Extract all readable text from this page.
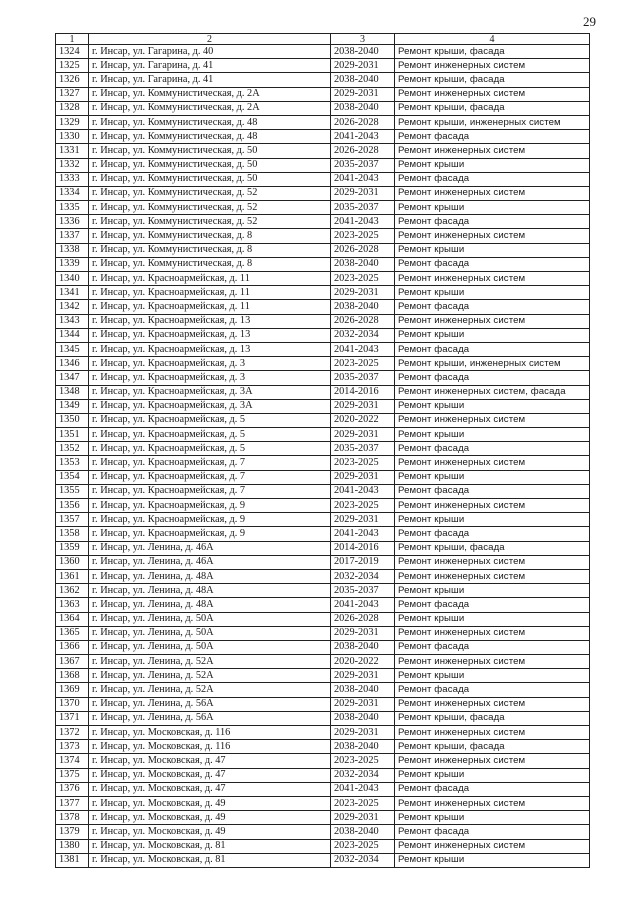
29
1	2	3	4
1324	г. Инсар, ул. Гагарина, д. 40	2038-2040	Ремонт крыши, фасада
1325	г. Инсар, ул. Гагарина, д. 41	2029-2031	Ремонт инженерных систем
1326	г. Инсар, ул. Гагарина, д. 41	2038-2040	Ремонт крыши, фасада
1327	г. Инсар, ул. Коммунистическая, д. 2А	2029-2031	Ремонт инженерных систем
1328	г. Инсар, ул. Коммунистическая, д. 2А	2038-2040	Ремонт крыши, фасада
1329	г. Инсар, ул. Коммунистическая, д. 48	2026-2028	Ремонт крыши, инженерных систем
1330	г. Инсар, ул. Коммунистическая, д. 48	2041-2043	Ремонт фасада
1331	г. Инсар, ул. Коммунистическая, д. 50	2026-2028	Ремонт инженерных систем
1332	г. Инсар, ул. Коммунистическая, д. 50	2035-2037	Ремонт крыши
1333	г. Инсар, ул. Коммунистическая, д. 50	2041-2043	Ремонт фасада
1334	г. Инсар, ул. Коммунистическая, д. 52	2029-2031	Ремонт инженерных систем
1335	г. Инсар, ул. Коммунистическая, д. 52	2035-2037	Ремонт крыши
1336	г. Инсар, ул. Коммунистическая, д. 52	2041-2043	Ремонт фасада
1337	г. Инсар, ул. Коммунистическая, д. 8	2023-2025	Ремонт инженерных систем
1338	г. Инсар, ул. Коммунистическая, д. 8	2026-2028	Ремонт крыши
1339	г. Инсар, ул. Коммунистическая, д. 8	2038-2040	Ремонт фасада
1340	г. Инсар, ул. Красноармейская, д. 11	2023-2025	Ремонт инженерных систем
1341	г. Инсар, ул. Красноармейская, д. 11	2029-2031	Ремонт крыши
1342	г. Инсар, ул. Красноармейская, д. 11	2038-2040	Ремонт фасада
1343	г. Инсар, ул. Красноармейская, д. 13	2026-2028	Ремонт инженерных систем
1344	г. Инсар, ул. Красноармейская, д. 13	2032-2034	Ремонт крыши
1345	г. Инсар, ул. Красноармейская, д. 13	2041-2043	Ремонт фасада
1346	г. Инсар, ул. Красноармейская, д. 3	2023-2025	Ремонт крыши, инженерных систем
1347	г. Инсар, ул. Красноармейская, д. 3	2035-2037	Ремонт фасада
1348	г. Инсар, ул. Красноармейская, д. 3А	2014-2016	Ремонт инженерных систем, фасада
1349	г. Инсар, ул. Красноармейская, д. 3А	2029-2031	Ремонт крыши
1350	г. Инсар, ул. Красноармейская, д. 5	2020-2022	Ремонт инженерных систем
1351	г. Инсар, ул. Красноармейская, д. 5	2029-2031	Ремонт крыши
1352	г. Инсар, ул. Красноармейская, д. 5	2035-2037	Ремонт фасада
1353	г. Инсар, ул. Красноармейская, д. 7	2023-2025	Ремонт инженерных систем
1354	г. Инсар, ул. Красноармейская, д. 7	2029-2031	Ремонт крыши
1355	г. Инсар, ул. Красноармейская, д. 7	2041-2043	Ремонт фасада
1356	г. Инсар, ул. Красноармейская, д. 9	2023-2025	Ремонт инженерных систем
1357	г. Инсар, ул. Красноармейская, д. 9	2029-2031	Ремонт крыши
1358	г. Инсар, ул. Красноармейская, д. 9	2041-2043	Ремонт фасада
1359	г. Инсар, ул. Ленина, д. 46А	2014-2016	Ремонт крыши, фасада
1360	г. Инсар, ул. Ленина, д. 46А	2017-2019	Ремонт инженерных систем
1361	г. Инсар, ул. Ленина, д. 48А	2032-2034	Ремонт инженерных систем
1362	г. Инсар, ул. Ленина, д. 48А	2035-2037	Ремонт крыши
1363	г. Инсар, ул. Ленина, д. 48А	2041-2043	Ремонт фасада
1364	г. Инсар, ул. Ленина, д. 50А	2026-2028	Ремонт крыши
1365	г. Инсар, ул. Ленина, д. 50А	2029-2031	Ремонт инженерных систем
1366	г. Инсар, ул. Ленина, д. 50А	2038-2040	Ремонт фасада
1367	г. Инсар, ул. Ленина, д. 52А	2020-2022	Ремонт инженерных систем
1368	г. Инсар, ул. Ленина, д. 52А	2029-2031	Ремонт крыши
1369	г. Инсар, ул. Ленина, д. 52А	2038-2040	Ремонт фасада
1370	г. Инсар, ул. Ленина, д. 56А	2029-2031	Ремонт инженерных систем
1371	г. Инсар, ул. Ленина, д. 56А	2038-2040	Ремонт крыши, фасада
1372	г. Инсар, ул. Московская, д. 116	2029-2031	Ремонт инженерных систем
1373	г. Инсар, ул. Московская, д. 116	2038-2040	Ремонт крыши, фасада
1374	г. Инсар, ул. Московская, д. 47	2023-2025	Ремонт инженерных систем
1375	г. Инсар, ул. Московская, д. 47	2032-2034	Ремонт крыши
1376	г. Инсар, ул. Московская, д. 47	2041-2043	Ремонт фасада
1377	г. Инсар, ул. Московская, д. 49	2023-2025	Ремонт инженерных систем
1378	г. Инсар, ул. Московская, д. 49	2029-2031	Ремонт крыши
1379	г. Инсар, ул. Московская, д. 49	2038-2040	Ремонт фасада
1380	г. Инсар, ул. Московская, д. 81	2023-2025	Ремонт инженерных систем
1381	г. Инсар, ул. Московская, д. 81	2032-2034	Ремонт крыши
